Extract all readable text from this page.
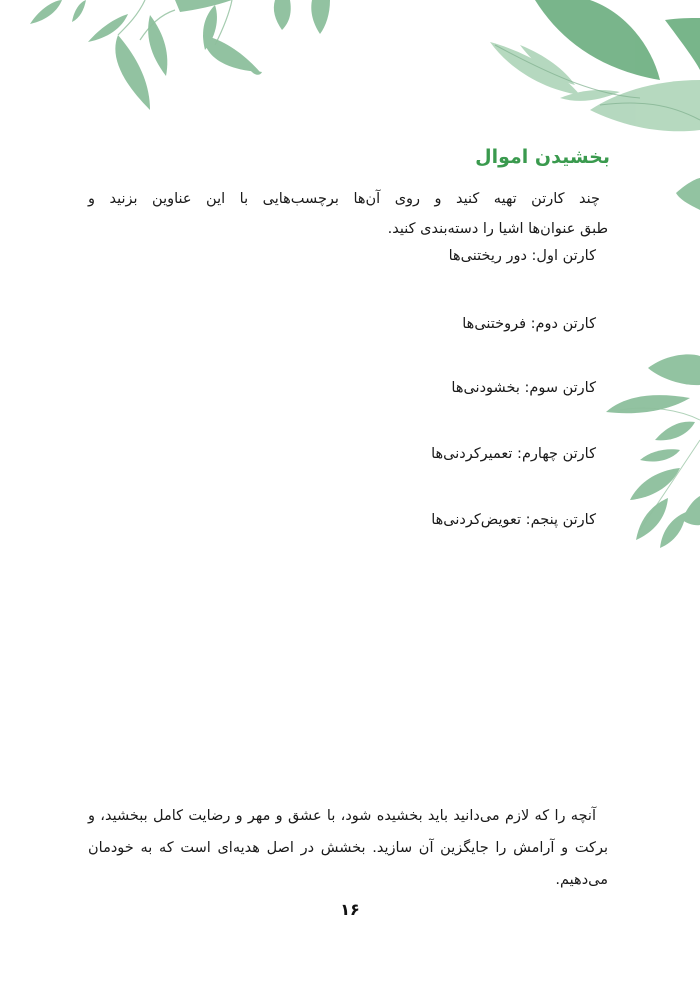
بخشیدن اموال
چند کارتن تهیه کنید و روی آن‌ها برچسب‌هایی با این عناوین بزنید و
طبق عنوان‌ها اشیا را دسته‌بندی کنید.
کارتن اول: دور ریختنی‌ها
کارتن دوم: فروختنی‌ها
کارتن سوم: بخشودنی‌ها
کارتن چهارم: تعمیرکردنی‌ها
کارتن پنجم: تعویض‌کردنی‌ها
آنچه را که لازم می‌دانید باید بخشیده شود، با عشق و مهر و رضایت کامل ببخشید، و برکت و آرامش را جایگزین آن سازید. بخشش در اصل هدیه‌ای است که به خودمان می‌دهیم.
۱۶
